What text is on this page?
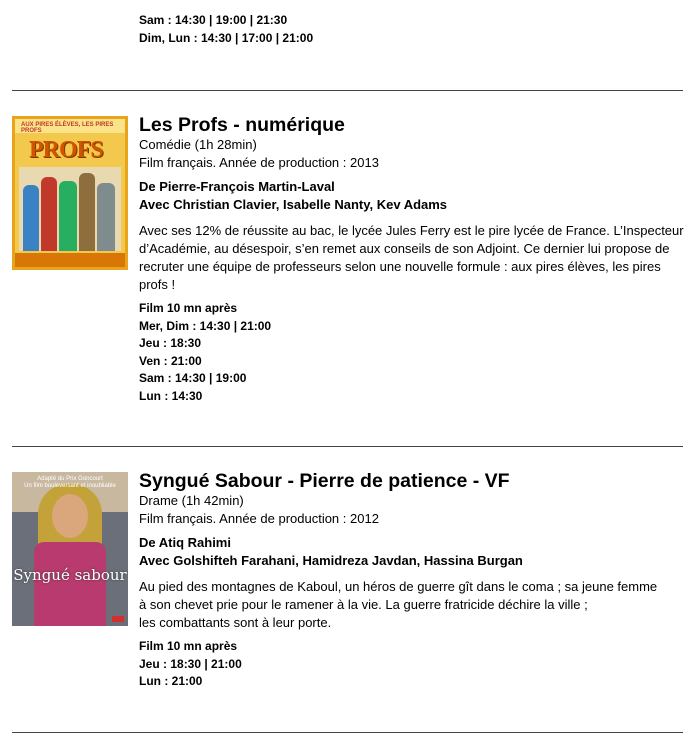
Sam : 14:30 | 19:00 | 21:30
Dim, Lun : 14:30 | 17:00 | 21:00
AUX PIRES ÉLÈVES, LES PIRES PROFS
PROFS
Les Profs - numérique
Comédie (1h 28min)
Film français. Année de production : 2013
De Pierre-François Martin-Laval
Avec Christian Clavier, Isabelle Nanty, Kev Adams
Avec ses 12% de réussite au bac, le lycée Jules Ferry est le pire lycée de France. L’Inspecteur d’Académie, au désespoir, s’en remet aux conseils de son Adjoint. Ce dernier lui propose de recruter une équipe de professeurs selon une nouvelle formule : aux pires élèves, les pires profs !
Film 10 mn après
Mer, Dim : 14:30 | 21:00
Jeu : 18:30
Ven : 21:00
Sam : 14:30 | 19:00
Lun : 14:30
Adapté du Prix Goncourt
Un film bouleversant et inoubliable
Syngué sabour
Syngué Sabour - Pierre de patience - VF
Drame (1h 42min)
Film français. Année de production : 2012
De Atiq Rahimi
Avec Golshifteh Farahani, Hamidreza Javdan, Hassina Burgan
Au pied des montagnes de Kaboul, un héros de guerre gît dans le coma ; sa jeune femme
à son chevet prie pour le ramener à la vie. La guerre fratricide déchire la ville ;
les combattants sont à leur porte.
Film 10 mn après
Jeu : 18:30 | 21:00
Lun : 21:00
